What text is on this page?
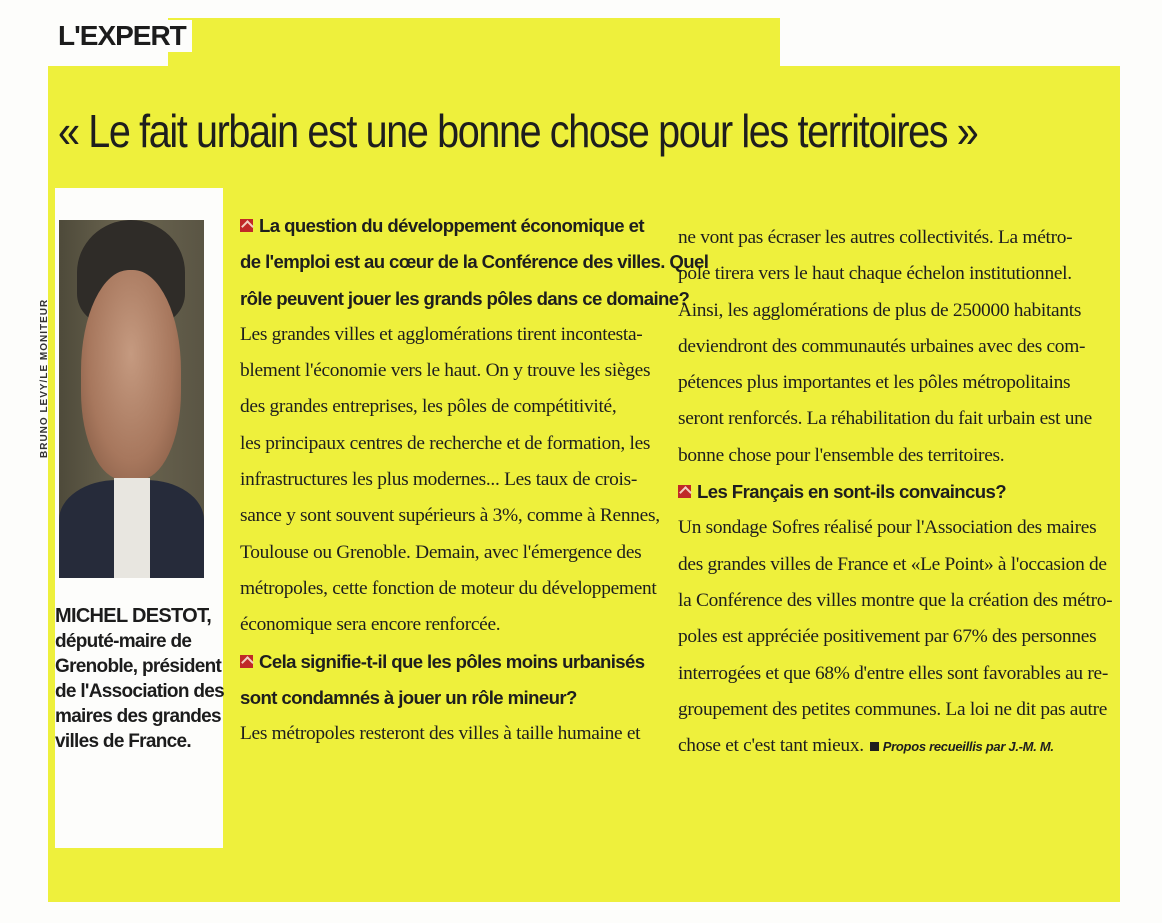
L'EXPERT
« Le fait urbain est une bonne chose pour les territoires »
BRUNO LEVY/LE MONITEUR
MICHEL DESTOT,
député-maire de
Grenoble, président
de l'Association des
maires des grandes
villes de France.
La question du développement économique et
de l'emploi est au cœur de la Conférence des villes. Quel
rôle peuvent jouer les grands pôles dans ce domaine?
Les grandes villes et agglomérations tirent incontesta-
blement l'économie vers le haut. On y trouve les sièges
des grandes entreprises, les pôles de compétitivité,
les principaux centres de recherche et de formation, les
infrastructures les plus modernes... Les taux de crois-
sance y sont souvent supérieurs à 3%, comme à Rennes,
Toulouse ou Grenoble. Demain, avec l'émergence des
métropoles, cette fonction de moteur du développement
économique sera encore renforcée.
Cela signifie-t-il que les pôles moins urbanisés
sont condamnés à jouer un rôle mineur?
Les métropoles resteront des villes à taille humaine et
ne vont pas écraser les autres collectivités. La métro-
pole tirera vers le haut chaque échelon institutionnel.
Ainsi, les agglomérations de plus de 250000 habitants
deviendront des communautés urbaines avec des com-
pétences plus importantes et les pôles métropolitains
seront renforcés. La réhabilitation du fait urbain est une
bonne chose pour l'ensemble des territoires.
Les Français en sont-ils convaincus?
Un sondage Sofres réalisé pour l'Association des maires
des grandes villes de France et «Le Point» à l'occasion de
la Conférence des villes montre que la création des métro-
poles est appréciée positivement par 67% des personnes
interrogées et que 68% d'entre elles sont favorables au re-
groupement des petites communes. La loi ne dit pas autre
chose et c'est tant mieux. Propos recueillis par J.-M. M.
